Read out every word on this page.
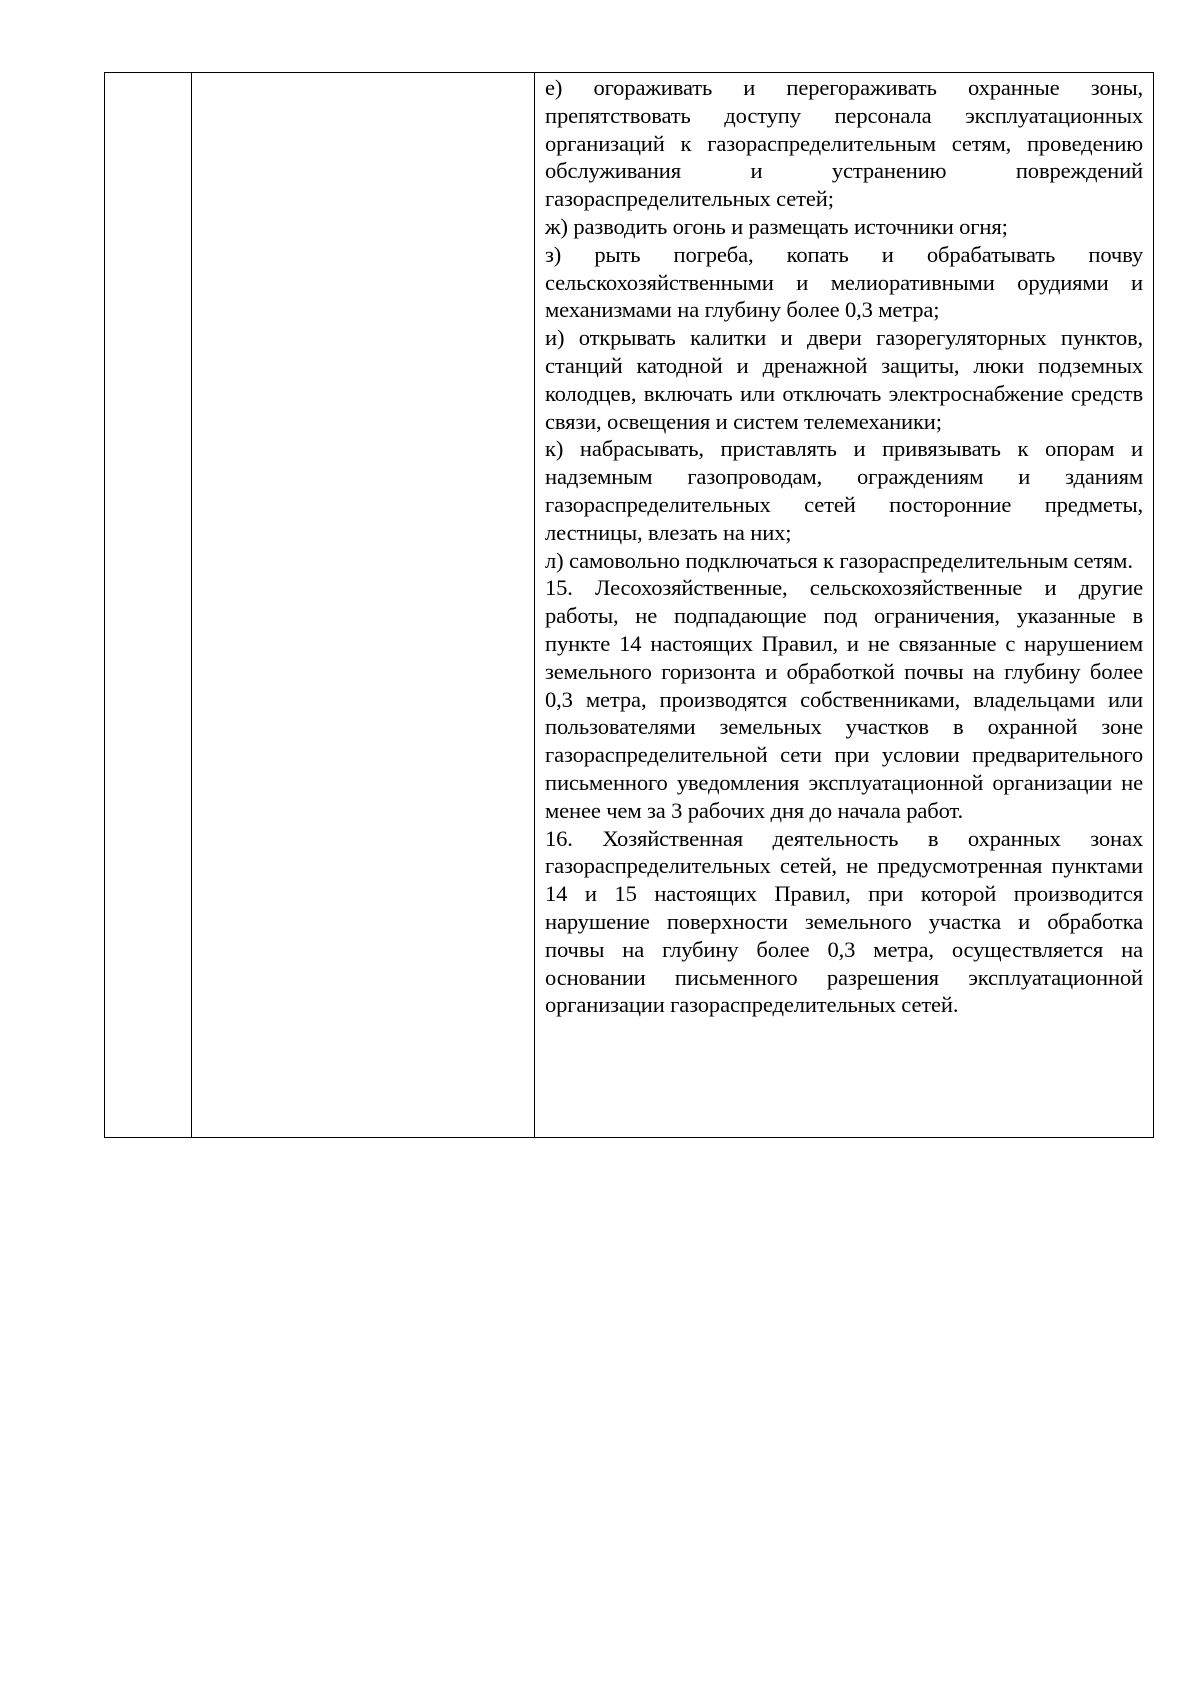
е) огораживать и перегораживать охранные зоны, препятствовать доступу персонала эксплуатационных организаций к газораспределительным сетям, проведению обслуживания и устранению повреждений газораспределительных сетей;

ж) разводить огонь и размещать источники огня;

з) рыть погреба, копать и обрабатывать почву сельскохозяйственными и мелиоративными орудиями и механизмами на глубину более 0,3 метра;

и) открывать калитки и двери газорегуляторных пунктов, станций катодной и дренажной защиты, люки подземных колодцев, включать или отключать электроснабжение средств связи, освещения и систем телемеханики;

к) набрасывать, приставлять и привязывать к опорам и надземным газопроводам, ограждениям и зданиям газораспределительных сетей посторонние предметы, лестницы, влезать на них;

л) самовольно подключаться к газораспределительным сетям.

15. Лесохозяйственные, сельскохозяйственные и другие работы, не подпадающие под ограничения, указанные в пункте 14 настоящих Правил, и не связанные с нарушением земельного горизонта и обработкой почвы на глубину более 0,3 метра, производятся собственниками, владельцами или пользователями земельных участков в охранной зоне газораспределительной сети при условии предварительного письменного уведомления эксплуатационной организации не менее чем за 3 рабочих дня до начала работ.

16. Хозяйственная деятельность в охранных зонах газораспределительных сетей, не предусмотренная пунктами 14 и 15 настоящих Правил, при которой производится нарушение поверхности земельного участка и обработка почвы на глубину более 0,3 метра, осуществляется на основании письменного разрешения эксплуатационной организации газораспределительных сетей.
